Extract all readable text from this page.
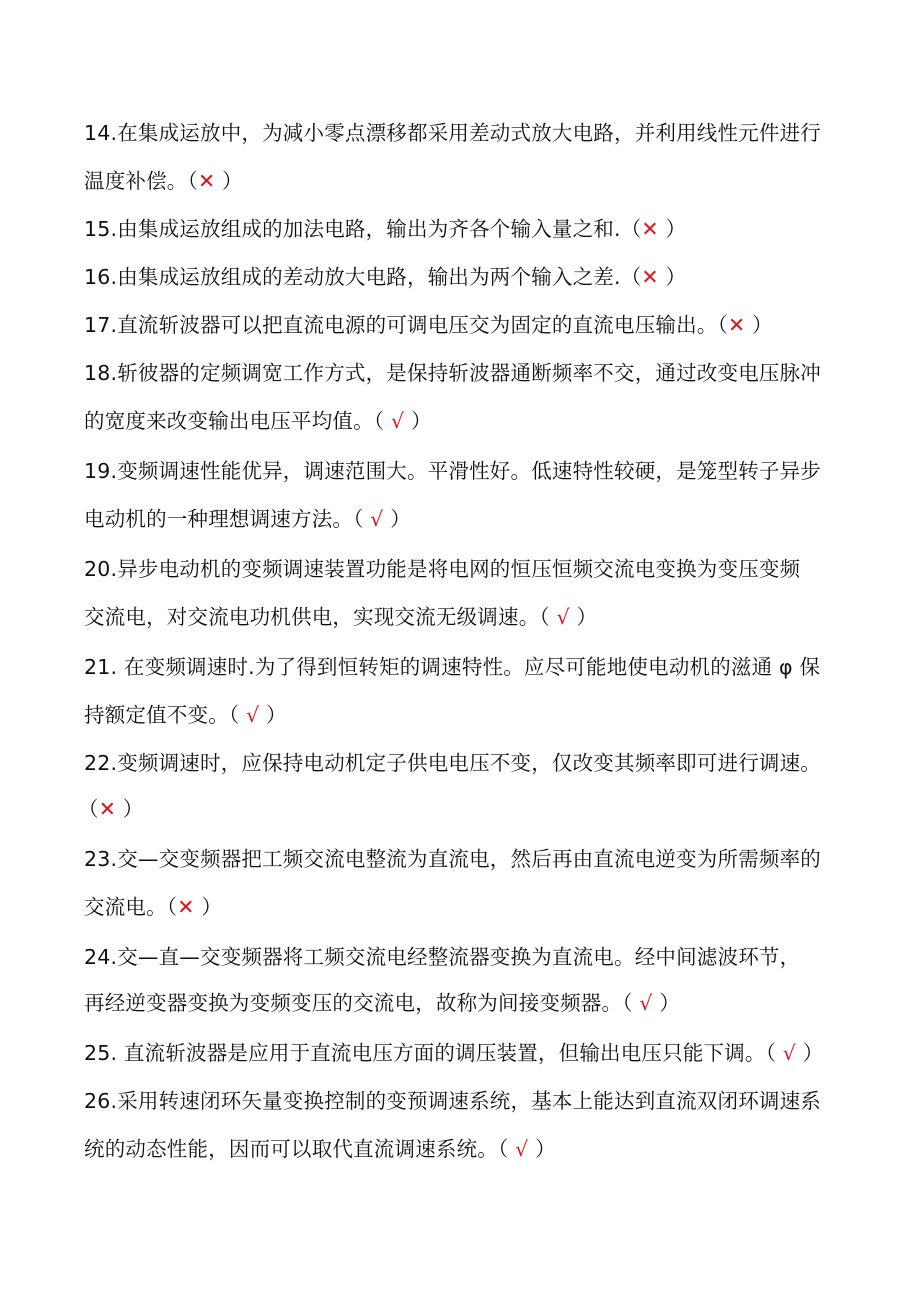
14.在集成运放中，为减小零点漂移都采用差动式放大电路，并利用线性元件进行
温度补偿。（✕ ）
15.由集成运放组成的加法电路，输出为齐各个输入量之和.（✕ ）
16.由集成运放组成的差动放大电路，输出为两个输入之差.（✕ ）
17.直流斩波器可以把直流电源的可调电压交为固定的直流电压输出。（✕ ）
18.斩彼器的定频调宽工作方式，是保持斩波器通断频率不交，通过改变电压脉冲
的宽度来改变输出电压平均值。（ √ ）
19.变频调速性能优异，调速范围大。平滑性好。低速特性较硬，是笼型转子异步
电动机的一种理想调速方法。（ √ ）
20.异步电动机的变频调速装置功能是将电网的恒压恒频交流电变换为变压变频
交流电，对交流电功机供电，实现交流无级调速。（ √ ）
21. 在变频调速时.为了得到恒转矩的调速特性。应尽可能地使电动机的滋通 φ 保
持额定值不变。（ √ ）
22.变频调速时，应保持电动机定子供电电压不变，仅改变其频率即可进行调速。
（✕ ）
23.交—交变频器把工频交流电整流为直流电，然后再由直流电逆变为所需频率的
交流电。（✕ ）
24.交—直—交变频器将工频交流电经整流器变换为直流电。经中间滤波环节，
再经逆变器变换为变频变压的交流电，故称为间接变频器。（ √ ）
25. 直流斩波器是应用于直流电压方面的调压装置，但输出电压只能下调。（ √ ）
26.采用转速闭环矢量变换控制的变预调速系统，基本上能达到直流双闭环调速系
统的动态性能，因而可以取代直流调速系统。（ √ ）
